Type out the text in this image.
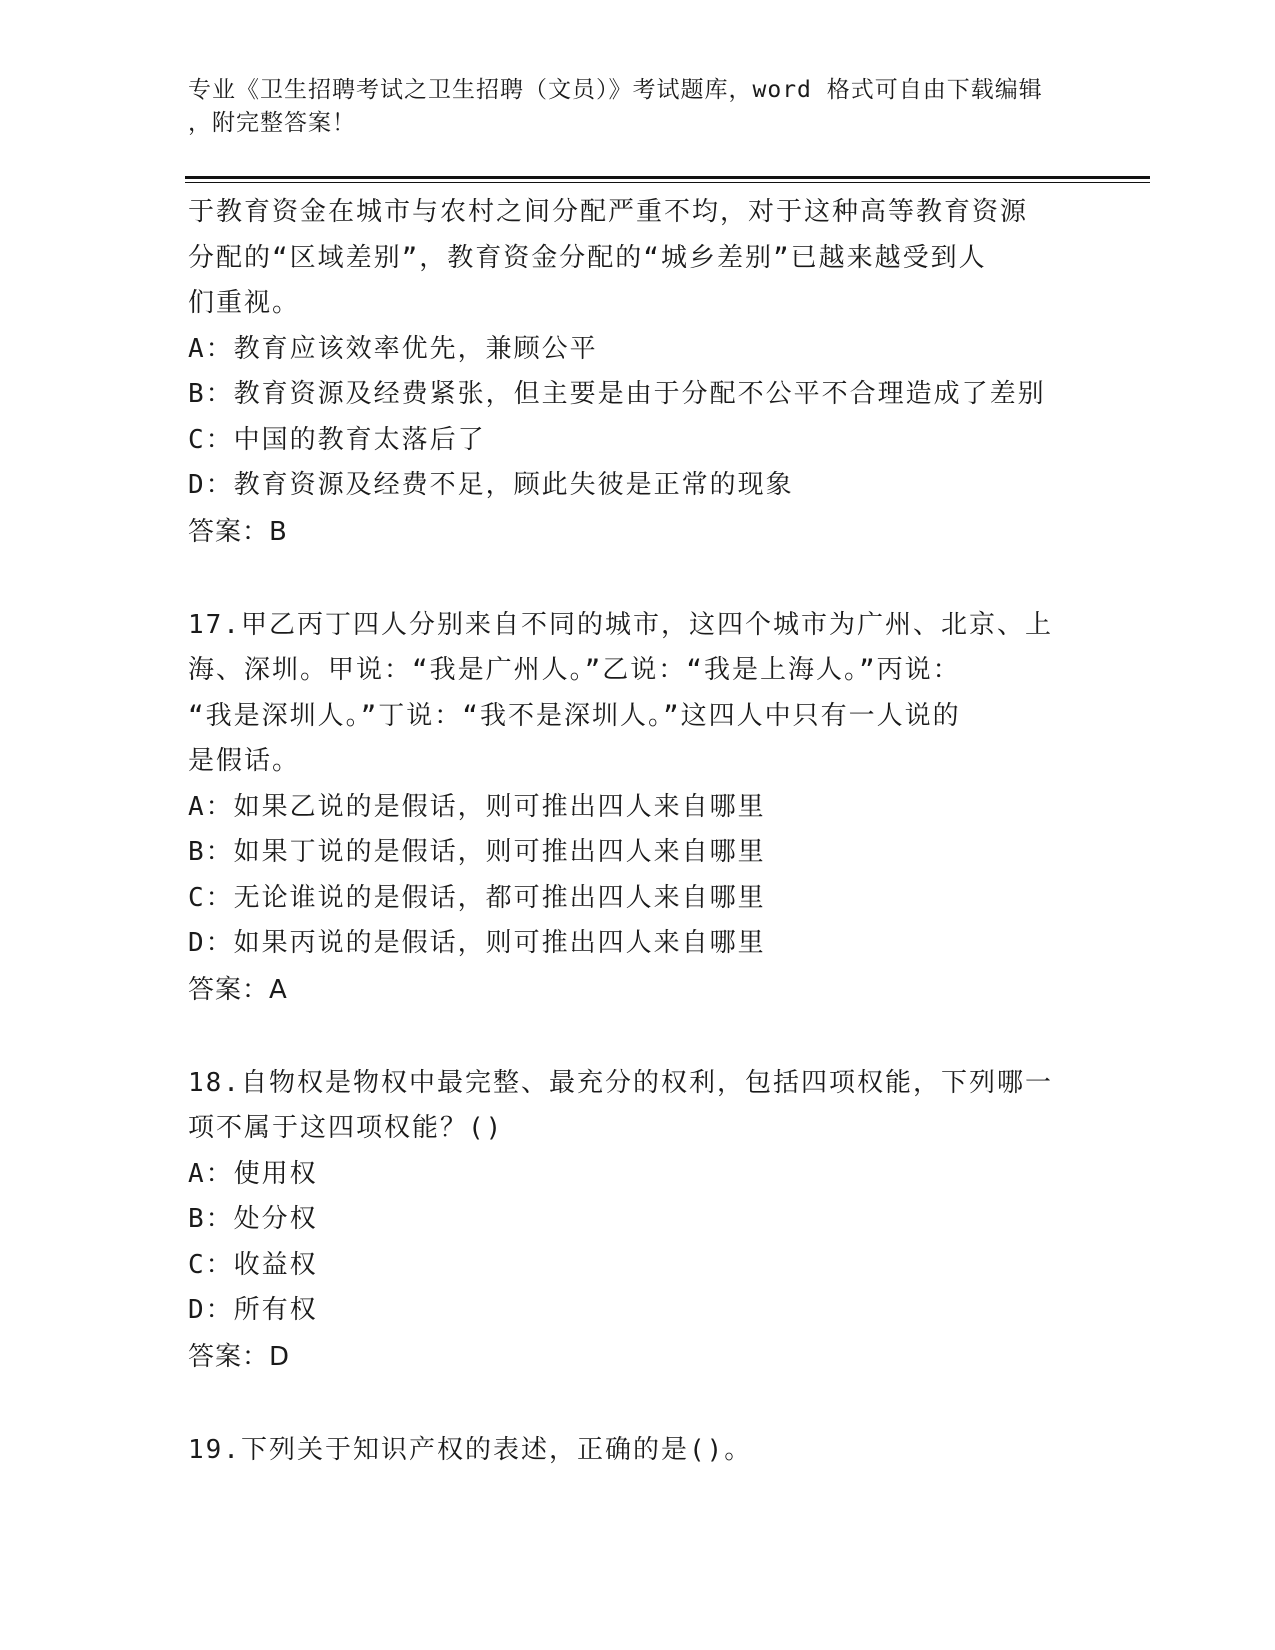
专业《卫生招聘考试之卫生招聘（文员）》考试题库，word 格式可自由下载编辑
，附完整答案！
于教育资金在城市与农村之间分配严重不均，对于这种高等教育资源
分配的“区域差别”，教育资金分配的“城乡差别”已越来越受到人
们重视。
A：教育应该效率优先，兼顾公平
B：教育资源及经费紧张，但主要是由于分配不公平不合理造成了差别
C：中国的教育太落后了
D：教育资源及经费不足，顾此失彼是正常的现象
答案：B
17.甲乙丙丁四人分别来自不同的城市，这四个城市为广州、北京、上
海、深圳。甲说：“我是广州人。”乙说：“我是上海人。”丙说：
“我是深圳人。”丁说：“我不是深圳人。”这四人中只有一人说的
是假话。
A：如果乙说的是假话，则可推出四人来自哪里
B：如果丁说的是假话，则可推出四人来自哪里
C：无论谁说的是假话，都可推出四人来自哪里
D：如果丙说的是假话，则可推出四人来自哪里
答案：A
18.自物权是物权中最完整、最充分的权利，包括四项权能，下列哪一
项不属于这四项权能？()
A：使用权
B：处分权
C：收益权
D：所有权
答案：D
19.下列关于知识产权的表述，正确的是()。
